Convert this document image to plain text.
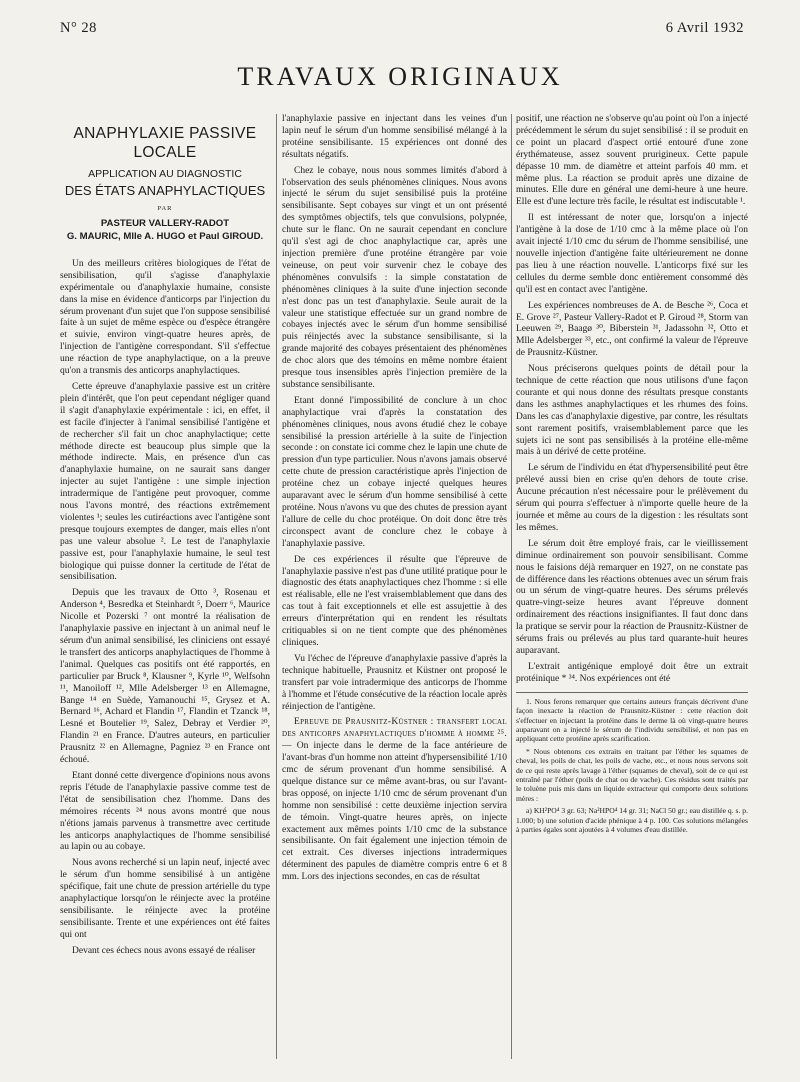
N° 28	6 Avril 1932
TRAVAUX ORIGINAUX
ANAPHYLAXIE PASSIVE
LOCALE
APPLICATION AU DIAGNOSTIC
DES ÉTATS ANAPHYLACTIQUES
PAR
PASTEUR VALLERY-RADOT
G. MAURIC, Mlle A. HUGO et Paul GIROUD.

Un des meilleurs critères biologiques de l'état de sensibilisation, qu'il s'agisse d'anaphylaxie expérimentale ou d'anaphylaxie humaine, consiste dans la mise en évidence d'anticorps par l'injection du sérum provenant d'un sujet que l'on suppose sensibilisé faite à un sujet de même espèce ou d'espèce étrangère et suivie, environ vingt-quatre heures après, de l'injection de l'antigène correspondant. S'il s'effectue une réaction de type anaphylactique, on a la preuve qu'on a transmis des anticorps anaphylactiques.

Cette épreuve d'anaphylaxie passive est un critère plein d'intérêt, que l'on peut cependant négliger quand il s'agit d'anaphylaxie expérimentale : ici, en effet, il est facile d'injecter à l'animal sensibilisé l'antigène et de rechercher s'il fait un choc anaphylactique; cette méthode directe est beaucoup plus simple que la méthode indirecte. Mais, en présence d'un cas d'anaphylaxie humaine, on ne saurait sans danger injecter au sujet l'antigène : une simple injection intradermique de l'antigène peut provoquer, comme nous l'avons montré, des réactions extrêmement violentes ¹; seules les cutiréactions avec l'antigène sont presque toujours exemptes de danger, mais elles n'ont pas une valeur absolue ². Le test de l'anaphylaxie passive est, pour l'anaphylaxie humaine, le seul test biologique qui puisse donner la certitude de l'état de sensibilisation.

Depuis que les travaux de Otto ³, Rosenau et Anderson ⁴, Besredka et Steinhardt ⁵, Doerr ⁶, Maurice Nicolle et Pozerski ⁷ ont montré la réalisation de l'anaphylaxie passive en injectant à un animal neuf le sérum d'un animal sensibilisé, les cliniciens ont essayé le transfert des anticorps anaphylactiques de l'homme à l'animal. Quelques cas positifs ont été rapportés, en particulier par Bruck ⁸, Klausner ⁹, Kyrle ¹⁰, Welfsohn ¹¹, Manoiloff ¹², Mlle Adelsberger ¹³ en Allemagne, Bange ¹⁴ en Suède, Yamanouchi ¹⁵, Grysez et A. Bernard ¹⁶, Achard et Flandin ¹⁷, Flandin et Tzanck ¹⁸, Lesné et Boutelier ¹⁹, Salez, Debray et Verdier ²⁰, Flandin ²¹ en France. D'autres auteurs, en particulier Prausnitz ²² en Allemagne, Pagniez ²³ en France ont échoué.

Etant donné cette divergence d'opinions nous avons repris l'étude de l'anaphylaxie passive comme test de l'état de sensibilisation chez l'homme. Dans des mémoires récents ²⁴ nous avons montré que nous n'étions jamais parvenus à transmettre avec certitude les anticorps anaphylactiques de l'homme sensibilisé au lapin ou au cobaye.

Nous avons recherché si un lapin neuf, injecté avec le sérum d'un homme sensibilisé à un antigène spécifique, fait une chute de pression artérielle du type anaphylactique lorsqu'on le réinjecte avec la protéine sensibilisante. le réinjecte avec la protéine sensibilisante. Trente et une expériences ont été faites qui ont

Devant ces échecs nous avons essayé de réaliser

l'anaphylaxie passive en injectant dans les veines d'un lapin neuf le sérum d'un homme sensibilisé mélangé à la protéine sensibilisante. 15 expériences ont donné des résultats négatifs.

Chez le cobaye, nous nous sommes limités d'abord à l'observation des seuls phénomènes cliniques. Nous avons injecté le sérum du sujet sensibilisé puis la protéine sensibilisante. Sept cobayes sur vingt et un ont présenté des symptômes objectifs, tels que convulsions, polypnée, chute sur le flanc. On ne saurait cependant en conclure qu'il s'est agi de choc anaphylactique car, après une injection première d'une protéine étrangère par voie veineuse, on peut voir survenir chez le cobaye des phénomènes convulsifs : la simple constatation de phénomènes cliniques à la suite d'une injection seconde n'est donc pas un test d'anaphylaxie. Seule aurait de la valeur une statistique effectuée sur un grand nombre de cobayes injectés avec le sérum d'un homme sensibilisé puis réinjectés avec la substance sensibilisante, si la grande majorité des cobayes présentaient des phénomènes de choc alors que des témoins en même nombre étaient presque tous insensibles après l'injection première de la substance sensibilisante.

Etant donné l'impossibilité de conclure à un choc anaphylactique vrai d'après la constatation des phénomènes cliniques, nous avons étudié chez le cobaye sensibilisé la pression artérielle à la suite de l'injection seconde : on constate ici comme chez le lapin une chute de pression d'un type particulier. Nous n'avons jamais observé cette chute de pression caractéristique après l'injection de protéine chez un cobaye injecté quelques heures auparavant avec le sérum d'un homme sensibilisé à cette protéine. Nous n'avons vu que des chutes de pression ayant l'allure de celle du choc protéique. On doit donc être très circonspect avant de conclure chez le cobaye à l'anaphylaxie passive.

De ces expériences il résulte que l'épreuve de l'anaphylaxie passive n'est pas d'une utilité pratique pour le diagnostic des états anaphylactiques chez l'homme : si elle est réalisable, elle ne l'est vraisemblablement que dans des cas tout à fait exceptionnels et elle est assujettie à des erreurs d'interprétation qui en rendent les résultats critiquables si on ne tient compte que des phénomènes cliniques.

Vu l'échec de l'épreuve d'anaphylaxie passive d'après la technique habituelle, Prausnitz et Küstner ont proposé le transfert par voie intradermique des anticorps de l'homme à l'homme et l'étude consécutive de la réaction locale après réinjection de l'antigène.

Epreuve de Prausnitz-Küstner : transfert local des anticorps anaphylactiques d'homme à homme ²⁵. — On injecte dans le derme de la face antérieure de l'avant-bras d'un homme non atteint d'hypersensibilité 1/10 cmc de sérum provenant d'un homme sensibilisé. A quelque distance sur ce même avant-bras, ou sur l'avant-bras opposé, on injecte 1/10 cmc de sérum provenant d'un homme non sensibilisé : cette deuxième injection servira de témoin. Vingt-quatre heures après, on injecte exactement aux mêmes points 1/10 cmc de la substance sensibilisante. On fait également une injection témoin de cet extrait. Ces diverses injections intradermiques déterminent des papules de diamètre compris entre 6 et 8 mm. Lors des injections secondes, en cas de résultat

positif, une réaction ne s'observe qu'au point où l'on a injecté précédemment le sérum du sujet sensibilisé : il se produit en ce point un placard d'aspect ortié entouré d'une zone érythémateuse, assez souvent prurigineux. Cette papule dépasse 10 mm. de diamètre et atteint parfois 40 mm. et même plus. La réaction se produit après une dizaine de minutes. Elle dure en général une demi-heure à une heure. Elle est d'une lecture très facile, le résultat est indiscutable ¹.

Il est intéressant de noter que, lorsqu'on a injecté l'antigène à la dose de 1/10 cmc à la même place où l'on avait injecté 1/10 cmc du sérum de l'homme sensibilisé, une nouvelle injection d'antigène faite ultérieurement ne donne pas lieu à une réaction nouvelle. L'anticorps fixé sur les cellules du derme semble donc entièrement consommé dès qu'il est en contact avec l'antigène.

Les expériences nombreuses de A. de Besche ²⁶, Coca et E. Grove ²⁷, Pasteur Vallery-Radot et P. Giroud ²⁸, Storm van Leeuwen ²⁹, Baagø ³⁰, Biberstein ³¹, Jadassohn ³², Otto et Mlle Adelsberger ³³, etc., ont confirmé la valeur de l'épreuve de Prausnitz-Küstner.

Nous préciserons quelques points de détail pour la technique de cette réaction que nous utilisons d'une façon courante et qui nous donne des résultats presque constants dans les asthmes anaphylactiques et les rhumes des foins. Dans les cas d'anaphylaxie digestive, par contre, les résultats sont rarement positifs, vraisemblablement parce que les sujets ici ne sont pas sensibilisés à la protéine elle-même mais à un dérivé de cette protéine.

Le sérum de l'individu en état d'hypersensibilité peut être prélevé aussi bien en crise qu'en dehors de toute crise. Aucune précaution n'est nécessaire pour le prélèvement du sérum qui pourra s'effectuer à n'importe quelle heure de la journée et même au cours de la digestion : les résultats sont les mêmes.

Le sérum doit être employé frais, car le vieillissement diminue ordinairement son pouvoir sensibilisant. Comme nous le faisions déjà remarquer en 1927, on ne constate pas de différence dans les réactions obtenues avec un sérum frais ou un sérum de vingt-quatre heures. Des sérums prélevés quatre-vingt-seize heures avant l'épreuve donnent ordinairement des réactions insignifiantes. Il faut donc dans la pratique se servir pour la réaction de Prausnitz-Küstner de sérums frais ou prélevés au plus tard quarante-huit heures auparavant.

L'extrait antigénique employé doit être un extrait protéinique * ³⁴. Nos expériences ont été

1. Nous ferons remarquer que certains auteurs français décrivent d'une façon inexacte la réaction de Prausnitz-Küstner : cette réaction doit s'effectuer en injectant la protéine dans le derme là où vingt-quatre heures auparavant on a injecté le sérum de l'individu sensibilisé, et non pas en appliquant cette protéine après scarification.

* Nous obtenons ces extraits en traitant par l'éther les squames de cheval, les poils de chat, les poils de vache, etc., et nous nous servons soit de ce qui reste après lavage à l'éther (squames de cheval), soit de ce qui est entraîné par l'éther (poils de chat ou de vache). Ces résidus sont traités par le toluène puis mis dans un liquide extracteur qui comporte deux solutions mères :

a) KH²PO⁴ 3 gr. 63; Na²HPO⁴ 14 gr. 31; NaCl 50 gr.; eau distillée q. s. p. 1.000; b) une solution d'acide phénique à 4 p. 100. Ces solutions mélangées à parties égales sont ajoutées à 4 volumes d'eau distillée.
